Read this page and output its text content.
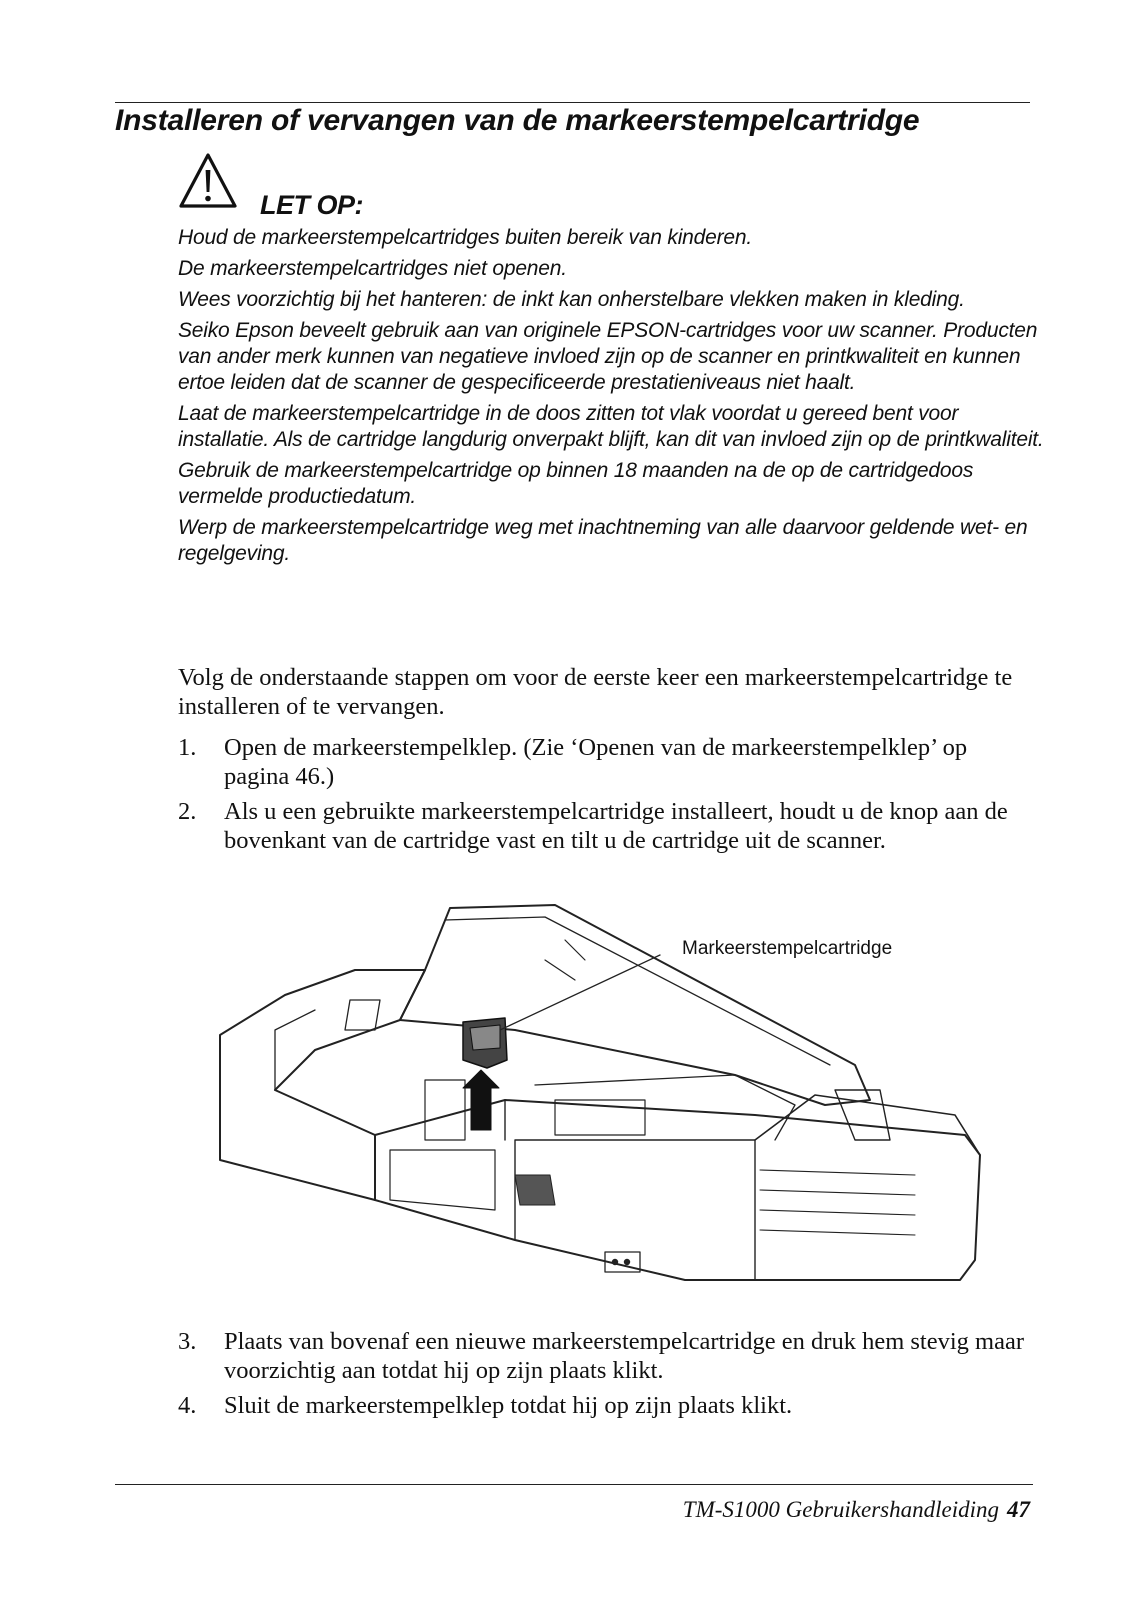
Installeren of vervangen van de markeerstempelcartridge
LET OP:
Houd de markeerstempelcartridges buiten bereik van kinderen.
De markeerstempelcartridges niet openen.
Wees voorzichtig bij het hanteren: de inkt kan onherstelbare vlekken maken in kleding.
Seiko Epson beveelt gebruik aan van originele EPSON-cartridges voor uw scanner. Producten van ander merk kunnen van negatieve invloed zijn op de scanner en printkwaliteit en kunnen ertoe leiden dat de scanner de gespecificeerde prestatieniveaus niet haalt.
Laat de markeerstempelcartridge in de doos zitten tot vlak voordat u gereed bent voor installatie. Als de cartridge langdurig onverpakt blijft, kan dit van invloed zijn op de printkwaliteit.
Gebruik de markeerstempelcartridge op binnen 18 maanden na de op de cartridgedoos vermelde productiedatum.
Werp de markeerstempelcartridge weg met inachtneming van alle daarvoor geldende wet- en regelgeving.

Volg de onderstaande stappen om voor de eerste keer een markeerstempelcartridge te installeren of te vervangen.

1. Open de markeerstempelklep. (Zie ‘Openen van de markeerstempelklep’ op pagina 46.)
2. Als u een gebruikte markeerstempelcartridge installeert, houdt u de knop aan de bovenkant van de cartridge vast en tilt u de cartridge uit de scanner.
Markeerstempelcartridge
3. Plaats van bovenaf een nieuwe markeerstempelcartridge en druk hem stevig maar voorzichtig aan totdat hij op zijn plaats klikt.
4. Sluit de markeerstempelklep totdat hij op zijn plaats klikt.
TM-S1000 Gebruikershandleiding 47
